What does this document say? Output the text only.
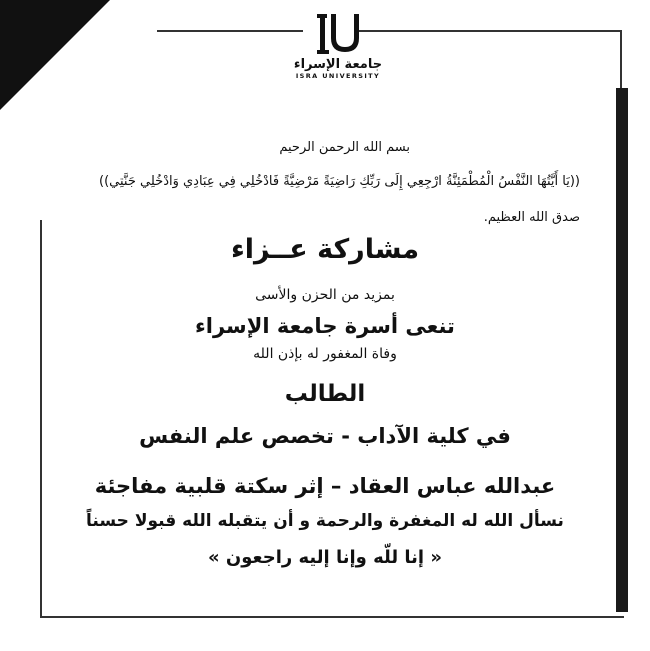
جامعة الإسراء
ISRA UNIVERSITY
بسم الله الرحمن الرحيم
((يَا أَيَّتُهَا النَّفْسُ الْمُطْمَئِنَّةُ ارْجِعِي إِلَى رَبِّكِ رَاضِيَةً مَرْضِيَّةً فَادْخُلِي فِي عِبَادِي وَادْخُلِي جَنَّتِي))
صدق الله العظيم.
مشاركة عــزاء
بمزيد من الحزن والأسى
تنعى أسرة جامعة الإسراء
وفاة المغفور له بإذن الله
الطالب
في كلية الآداب - تخصص علم النفس
عبدالله عباس العقاد – إثر سكتة قلبية مفاجئة
نسأل الله له المغفرة والرحمة و أن يتقبله الله قبولا حسناً
« إنا للّه وإنا إليه راجعون »
